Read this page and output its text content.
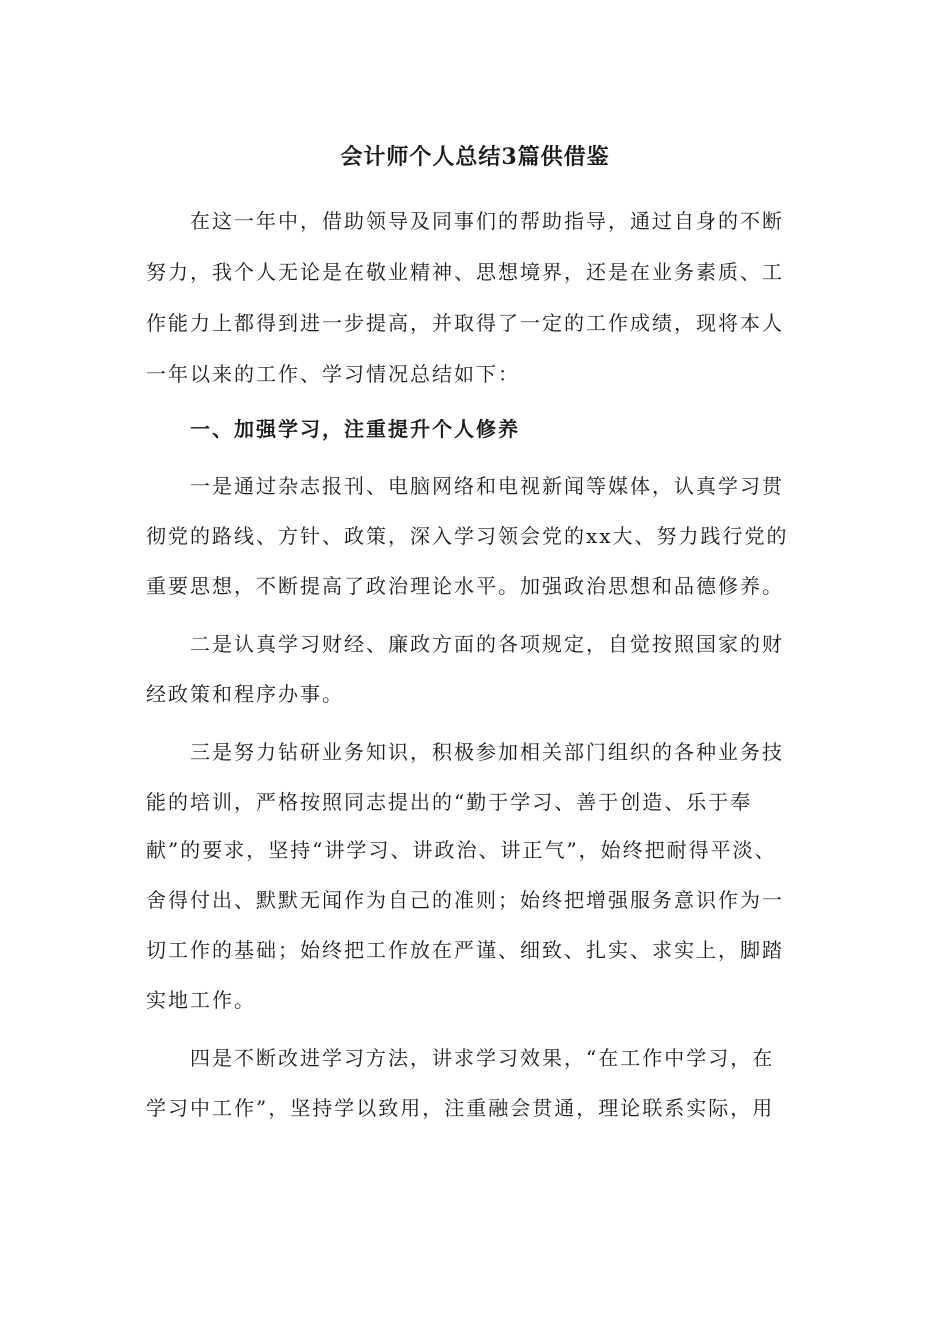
会计师个人总结3篇供借鉴
在这一年中，借助领导及同事们的帮助指导，通过自身的不断
努力，我个人无论是在敬业精神、思想境界，还是在业务素质、工
作能力上都得到进一步提高，并取得了一定的工作成绩，现将本人
一年以来的工作、学习情况总结如下：
一、加强学习，注重提升个人修养
一是通过杂志报刊、电脑网络和电视新闻等媒体，认真学习贯
彻党的路线、方针、政策，深入学习领会党的xx大、努力践行党的
重要思想，不断提高了政治理论水平。加强政治思想和品德修养。
二是认真学习财经、廉政方面的各项规定，自觉按照国家的财
经政策和程序办事。
三是努力钻研业务知识，积极参加相关部门组织的各种业务技
能的培训，严格按照同志提出的“勤于学习、善于创造、乐于奉
献”的要求，坚持“讲学习、讲政治、讲正气”，始终把耐得平淡、
舍得付出、默默无闻作为自己的准则；始终把增强服务意识作为一
切工作的基础；始终把工作放在严谨、细致、扎实、求实上，脚踏
实地工作。
四是不断改进学习方法，讲求学习效果，“在工作中学习，在
学习中工作”，坚持学以致用，注重融会贯通，理论联系实际，用
